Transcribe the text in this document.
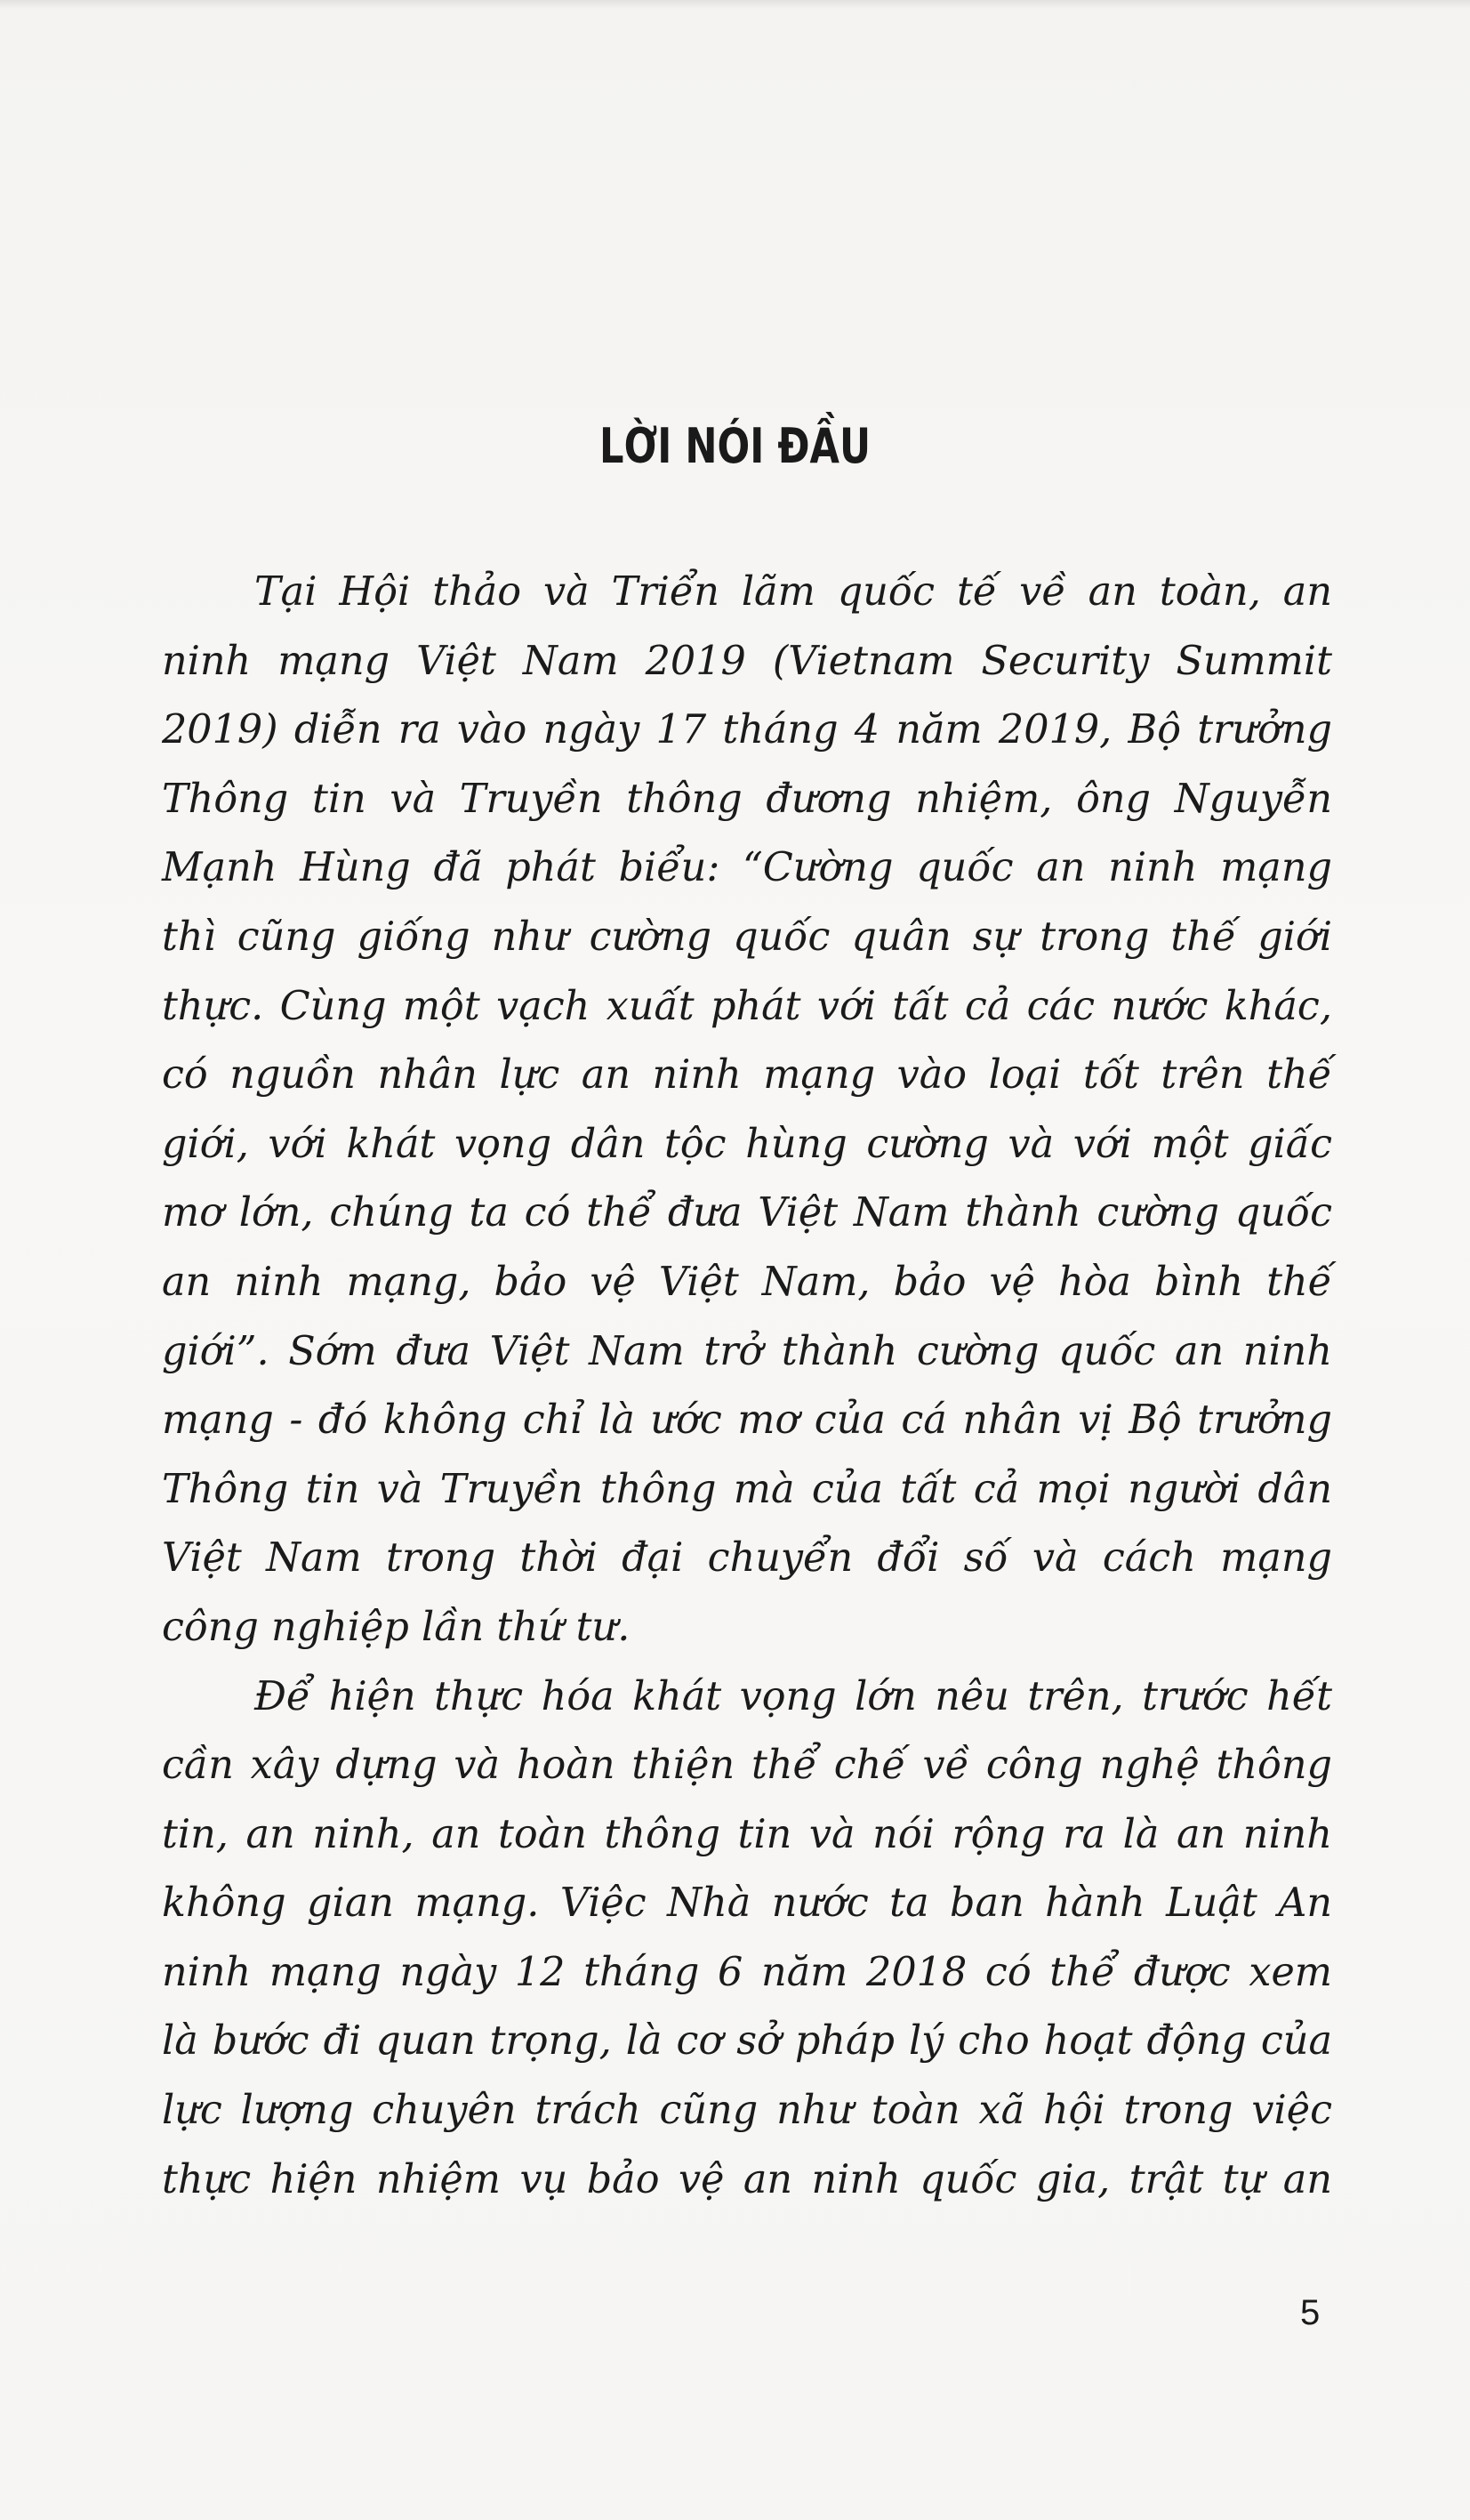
LỜI NÓI ĐẦU
Tại Hội thảo và Triển lãm quốc tế về an toàn, an
ninh mạng Việt Nam 2019 (Vietnam Security Summit
2019) diễn ra vào ngày 17 tháng 4 năm 2019, Bộ trưởng
Thông tin và Truyền thông đương nhiệm, ông Nguyễn
Mạnh Hùng đã phát biểu: “Cường quốc an ninh mạng
thì cũng giống như cường quốc quân sự trong thế giới
thực. Cùng một vạch xuất phát với tất cả các nước khác,
có nguồn nhân lực an ninh mạng vào loại tốt trên thế
giới, với khát vọng dân tộc hùng cường và với một giấc
mơ lớn, chúng ta có thể đưa Việt Nam thành cường quốc
an ninh mạng, bảo vệ Việt Nam, bảo vệ hòa bình thế
giới”. Sớm đưa Việt Nam trở thành cường quốc an ninh
mạng - đó không chỉ là ước mơ của cá nhân vị Bộ trưởng
Thông tin và Truyền thông mà của tất cả mọi người dân
Việt Nam trong thời đại chuyển đổi số và cách mạng
công nghiệp lần thứ tư.
Để hiện thực hóa khát vọng lớn nêu trên, trước hết
cần xây dựng và hoàn thiện thể chế về công nghệ thông
tin, an ninh, an toàn thông tin và nói rộng ra là an ninh
không gian mạng. Việc Nhà nước ta ban hành Luật An
ninh mạng ngày 12 tháng 6 năm 2018 có thể được xem
là bước đi quan trọng, là cơ sở pháp lý cho hoạt động của
lực lượng chuyên trách cũng như toàn xã hội trong việc
thực hiện nhiệm vụ bảo vệ an ninh quốc gia, trật tự an
5
